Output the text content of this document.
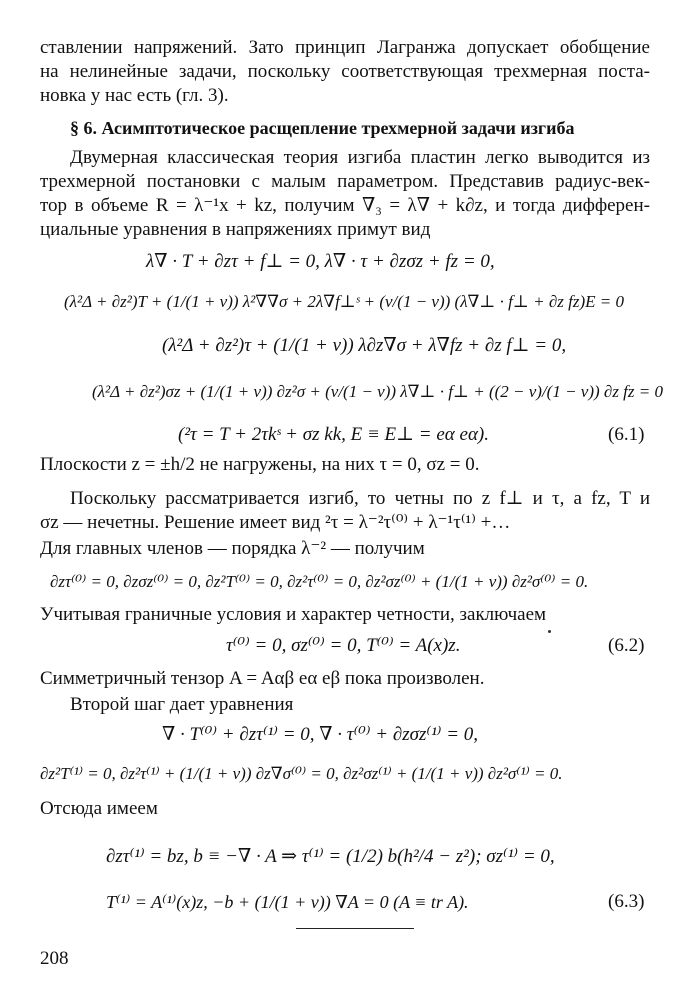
ставлении напряжений. Зато принцип Лагранжа допускает обобщение
на нелинейные задачи, поскольку соответствующая трехмерная поста-
новка у нас есть (гл. 3).
§ 6. Асимптотическое расщепление трехмерной задачи изгиба
Двумерная классическая теория изгиба пластин легко выводится из
трехмерной постановки с малым параметром. Представив радиус-век-
тор в объеме R = λ⁻¹x + kz, получим ∇₃ = λ∇ + k∂z, и тогда дифферен-
циальные уравнения в напряжениях примут вид
λ∇ · T + ∂zτ + f⊥ = 0, λ∇ · τ + ∂zσz + fz = 0,
(λ²Δ + ∂z²)T + (1/(1 + ν)) λ²∇∇σ + 2λ∇f⊥ˢ + (ν/(1 − ν)) (λ∇⊥ · f⊥ + ∂z fz)E = 0
(λ²Δ + ∂z²)τ + (1/(1 + ν)) λ∂z∇σ + λ∇fz + ∂z f⊥ = 0,
(λ²Δ + ∂z²)σz + (1/(1 + ν)) ∂z²σ + (ν/(1 − ν)) λ∇⊥ · f⊥ + ((2 − ν)/(1 − ν)) ∂z fz = 0
(²τ = T + 2τkˢ + σz kk, E ≡ E⊥ = eα eα).	(6.1)
Плоскости z = ±h/2 не нагружены, на них τ = 0, σz = 0.
Поскольку рассматривается изгиб, то четны по z f⊥ и τ, а fz, T и
σz — нечетны. Решение имеет вид ²τ = λ⁻²τ⁽⁰⁾ + λ⁻¹τ⁽¹⁾ +…
Для главных членов — порядка λ⁻² — получим
∂zτ⁽⁰⁾ = 0, ∂zσz⁽⁰⁾ = 0, ∂z²T⁽⁰⁾ = 0, ∂z²τ⁽⁰⁾ = 0, ∂z²σz⁽⁰⁾ + (1/(1 + ν)) ∂z²σ⁽⁰⁾ = 0.
Учитывая граничные условия и характер четности, заключаем
τ⁽⁰⁾ = 0, σz⁽⁰⁾ = 0, T⁽⁰⁾ = A(x)z.	(6.2)
Симметричный тензор A = Aαβ eα eβ пока произволен.
Второй шаг дает уравнения
∇ · T⁽⁰⁾ + ∂zτ⁽¹⁾ = 0, ∇ · τ⁽⁰⁾ + ∂zσz⁽¹⁾ = 0,
∂z²T⁽¹⁾ = 0, ∂z²τ⁽¹⁾ + (1/(1 + ν)) ∂z∇σ⁽⁰⁾ = 0, ∂z²σz⁽¹⁾ + (1/(1 + ν)) ∂z²σ⁽¹⁾ = 0.
Отсюда имеем
∂zτ⁽¹⁾ = bz, b ≡ −∇ · A ⇒ τ⁽¹⁾ = (1/2) b(h²/4 − z²); σz⁽¹⁾ = 0,
T⁽¹⁾ = A⁽¹⁾(x)z, −b + (1/(1 + ν)) ∇A = 0 (A ≡ tr A).	(6.3)
208
